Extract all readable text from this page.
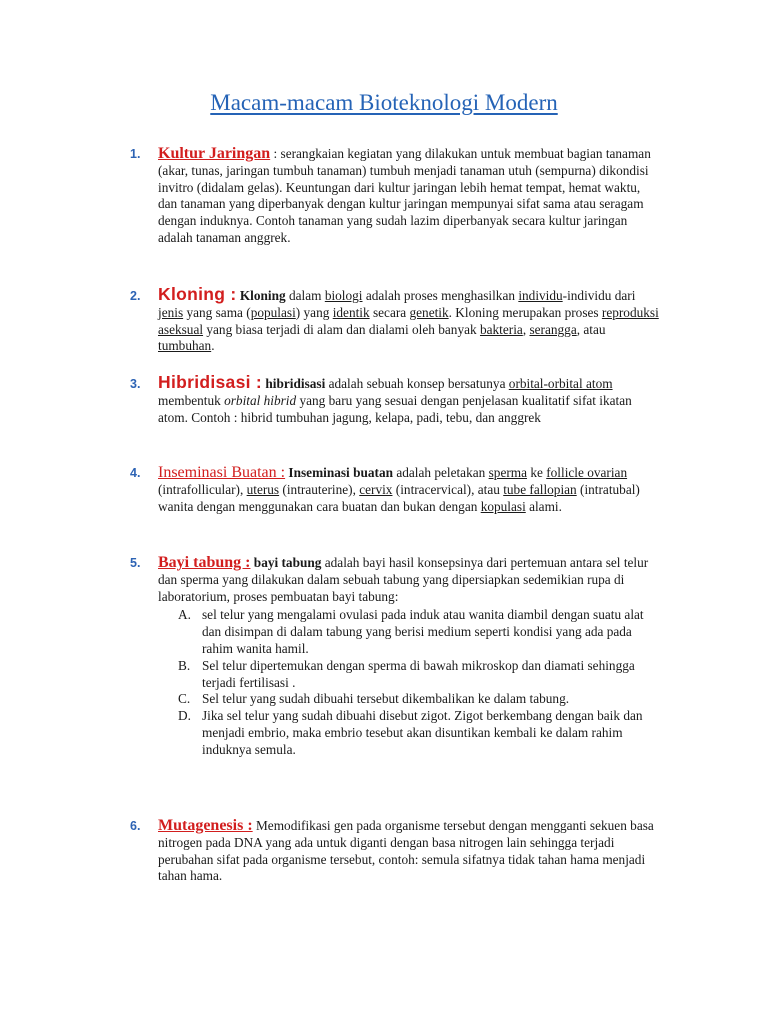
Macam-macam Bioteknologi Modern
1.	Kultur Jaringan : serangkaian kegiatan yang dilakukan untuk membuat bagian tanaman (akar, tunas, jaringan tumbuh tanaman) tumbuh menjadi tanaman utuh (sempurna) dikondisi invitro (didalam gelas). Keuntungan dari kultur jaringan lebih hemat tempat, hemat waktu, dan tanaman yang diperbanyak dengan kultur jaringan mempunyai sifat sama atau seragam dengan induknya. Contoh tanaman yang sudah lazim diperbanyak secara kultur jaringan adalah tanaman anggrek.
2.	Kloning : Kloning dalam biologi adalah proses menghasilkan individu-individu dari jenis yang sama (populasi) yang identik secara genetik. Kloning merupakan proses reproduksi aseksual yang biasa terjadi di alam dan dialami oleh banyak bakteria, serangga, atau tumbuhan.
3.	Hibridisasi : hibridisasi adalah sebuah konsep bersatunya orbital-orbital atom membentuk orbital hibrid yang baru yang sesuai dengan penjelasan kualitatif sifat ikatan atom. Contoh : hibrid tumbuhan jagung, kelapa, padi, tebu, dan anggrek
4.	Inseminasi Buatan : Inseminasi buatan adalah peletakan sperma ke follicle ovarian (intrafollicular), uterus (intrauterine), cervix (intracervical), atau tube fallopian (intratubal) wanita dengan menggunakan cara buatan dan bukan dengan kopulasi alami.
5.	Bayi tabung : bayi tabung adalah bayi hasil konsepsinya dari pertemuan antara sel telur dan sperma yang dilakukan dalam sebuah tabung yang dipersiapkan sedemikian rupa di laboratorium, proses pembuatan bayi tabung:
A. sel telur yang mengalami ovulasi pada induk atau wanita diambil dengan suatu alat dan disimpan di dalam tabung yang berisi medium seperti kondisi yang ada pada rahim wanita hamil.
B. Sel telur dipertemukan dengan sperma di bawah mikroskop dan diamati sehingga terjadi fertilisasi .
C. Sel telur yang sudah dibuahi tersebut dikembalikan ke dalam tabung.
D. Jika sel telur yang sudah dibuahi disebut zigot. Zigot berkembang dengan baik dan menjadi embrio, maka embrio tesebut akan disuntikan kembali ke dalam rahim induknya semula.
6.	Mutagenesis : Memodifikasi gen pada organisme tersebut dengan mengganti sekuen basa nitrogen pada DNA yang ada untuk diganti dengan basa nitrogen lain sehingga terjadi perubahan sifat pada organisme tersebut, contoh: semula sifatnya tidak tahan hama menjadi tahan hama.
